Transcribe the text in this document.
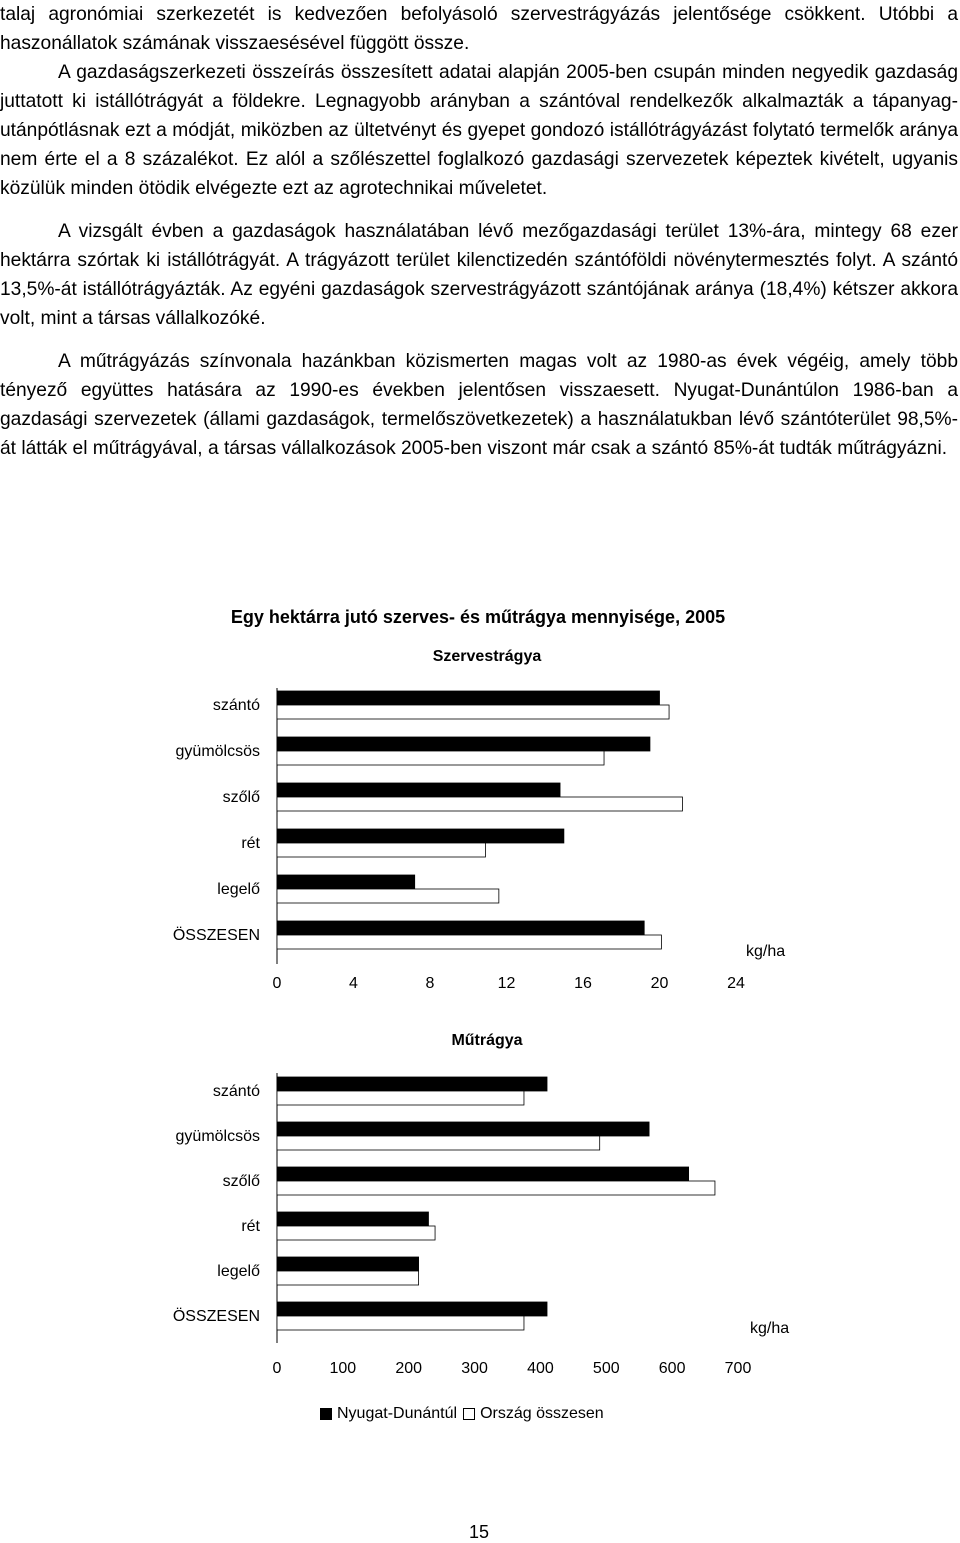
talaj agronómiai szerkezetét is kedvezően befolyásoló szervestrágyázás jelentősége csökkent. Utóbbi a haszonállatok számának visszaesésével függött össze.

A gazdaságszerkezeti összeírás összesített adatai alapján 2005-ben csupán minden negyedik gazdaság juttatott ki istállótrágyát a földekre. Legnagyobb arányban a szántóval rendelkezők alkalmazták a tápanyag-utánpótlásnak ezt a módját, miközben az ültetvényt és gyepet gondozó istállótrágyázást folytató termelők aránya nem érte el a 8 százalékot. Ez alól a szőlészettel foglalkozó gazdasági szervezetek képeztek kivételt, ugyanis közülük minden ötödik elvégezte ezt az agrotechnikai műveletet.

A vizsgált évben a gazdaságok használatában lévő mezőgazdasági terület 13%-ára, mintegy 68 ezer hektárra szórtak ki istállótrágyát. A trágyázott terület kilenctizedén szántóföldi növénytermesztés folyt. A szántó 13,5%-át istállótrágyázták. Az egyéni gazdaságok szervestrágyázott szántójának aránya (18,4%) kétszer akkora volt, mint a társas vállalkozóké.

A műtrágyázás színvonala hazánkban közismerten magas volt az 1980-as évek végéig, amely több tényező együttes hatására az 1990-es években jelentősen visszaesett. Nyugat-Dunántúlon 1986-ban a gazdasági szervezetek (állami gazdaságok, termelőszövetkezetek) a használatukban lévő szántóterület 98,5%-át látták el műtrágyával, a társas vállalkozások 2005-ben viszont már csak a szántó 85%-át tudták műtrágyázni.

Egy hektárra jutó szerves- és műtrágya mennyisége, 2005
Szervestrágya
szántó
gyümölcsös
szőlő
rét
legelő
ÖSSZESEN
0	4	8	12	16	20	24
kg/ha
Műtrágya
szántó
gyümölcsös
szőlő
rét
legelő
ÖSSZESEN
0	100 200 300 400 500 600 700
kg/ha
Nyugat-Dunántúl Ország összesen
15
